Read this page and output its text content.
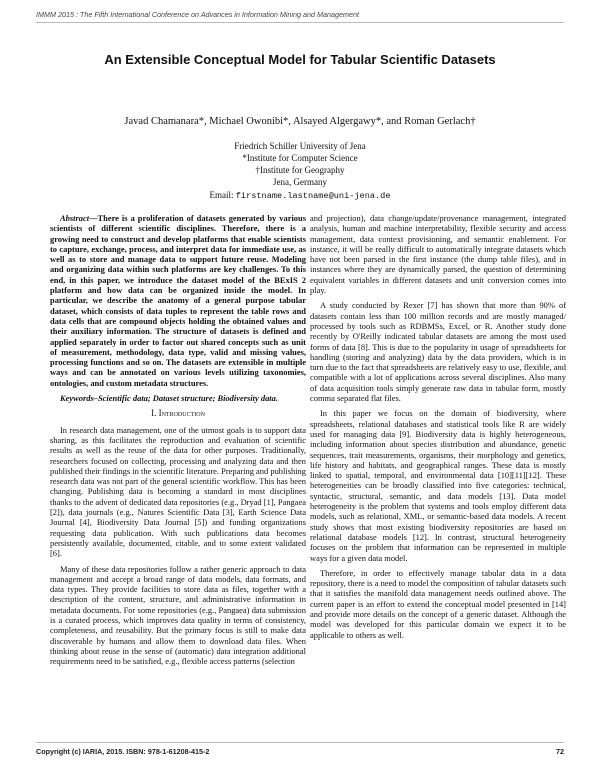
IMMM 2015 : The Fifth International Conference on Advances in Information Mining and Management
An Extensible Conceptual Model for Tabular Scientific Datasets
Javad Chamanara*, Michael Owonibi*, Alsayed Algergawy*, and Roman Gerlach†
Friedrich Schiller University of Jena
*Institute for Computer Science
†Institute for Geography
Jena, Germany
Email: firstname.lastname@uni-jena.de

Abstract—There is a proliferation of datasets generated by various scientists of different scientific disciplines. Therefore, there is a growing need to construct and develop platforms that enable scientists to capture, exchange, process, and interpret data for immediate use, as well as to store and manage data to support future reuse. Modeling and organizing data within such platforms are key challenges. To this end, in this paper, we introduce the dataset model of the BExIS 2 platform and how data can be organized inside the model. In particular, we describe the anatomy of a general purpose tabular dataset, which consists of data tuples to represent the table rows and data cells that are compound objects holding the obtained values and their auxiliary information. The structure of datasets is defined and applied separately in order to factor out shared concepts such as unit of measurement, methodology, data type, valid and missing values, processing functions and so on. The datasets are extensible in multiple ways and can be annotated on various levels utilizing taxonomies, ontologies, and custom metadata structures.

Keywords–Scientific data; Dataset structure; Biodiversity data.

I. Introduction

In research data management, one of the utmost goals is to support data sharing, as this facilitates the reproduction and evaluation of scientific results as well as the reuse of the data for other purposes. Traditionally, researchers focused on collecting, processing and analyzing data and then published their findings in the scientific literature. Preparing and publishing research data was not part of the general scientific workflow. This has been changing. Publishing data is becoming a standard in most disciplines thanks to the advent of dedicated data repositories (e.g., Dryad [1], Pangaea [2]), data journals (e.g., Natures Scientific Data [3], Earth Science Data Journal [4], Biodiversity Data Journal [5]) and funding organizations requesting data publication. With such publications data becomes persistently available, documented, citable, and to some extent validated [6].

Many of these data repositories follow a rather generic approach to data management and accept a broad range of data models, data formats, and data types. They provide facilities to store data as files, together with a description of the content, structure, and administrative information in metadata documents. For some repositories (e.g., Pangaea) data submission is a curated process, which improves data quality in terms of consistency, completeness, and reusability. But the primary focus is still to make data discoverable by humans and allow them to download data files. When thinking about reuse in the sense of (automatic) data integration additional requirements need to be satisfied, e.g., flexible access patterns (selection

and projection), data change/update/provenance management, integrated analysis, human and machine interpretability, flexible security and access management, data context provisioning, and semantic enablement. For instance, it will be really difficult to automatically integrate datasets which have not been parsed in the first instance (the dump table files), and in instances where they are dynamically parsed, the question of determining equivalent variables in different datasets and unit conversion comes into play.

A study conducted by Rexer [7] has shown that more than 90% of datasets contain less than 100 million records and are mostly managed/ processed by tools such as RDBMSs, Excel, or R. Another study done recently by O'Reilly indicated tabular datasets are among the most used forms of data [8]. This is due to the popularity in usage of spreadsheets for handling (storing and analyzing) data by the data providers, which is in turn due to the fact that spreadsheets are relatively easy to use, flexible, and compatible with a lot of applications across several disciplines. Also many of data acquisition tools simply generate raw data in tabular form, mostly comma separated flat files.

In this paper we focus on the domain of biodiversity, where spreadsheets, relational databases and statistical tools like R are widely used for managing data [9]. Biodiversity data is highly heterogeneous, including information about species distribution and abundance, genetic sequences, trait measurements, organisms, their morphology and genetics, life history and habitats, and geographical ranges. These data is mostly linked to spatial, temporal, and environmental data [10][11][12]. These heterogeneities can be broadly classified into five categories: technical, syntactic, structural, semantic, and data models [13]. Data model heterogeneity is the problem that systems and tools employ different data models, such as relational, XML, or semantic-based data models. A recent study shows that most existing biodiversity repositories are based on relational database models [12]. In contrast, structural heterogeneity focuses on the problem that information can be represented in multiple ways for a given data model.

Therefore, in order to effectively manage tabular data in a data repository, there is a need to model the composition of tabular datasets such that it satisfies the manifold data management needs outlined above. The current paper is an effort to extend the conceptual model presented in [14] and provide more details on the concept of a generic dataset. Although the model was developed for this particular domain we expect it to be applicable to others as well.

Copyright (c) IARIA, 2015. ISBN: 978-1-61208-415-2	72
